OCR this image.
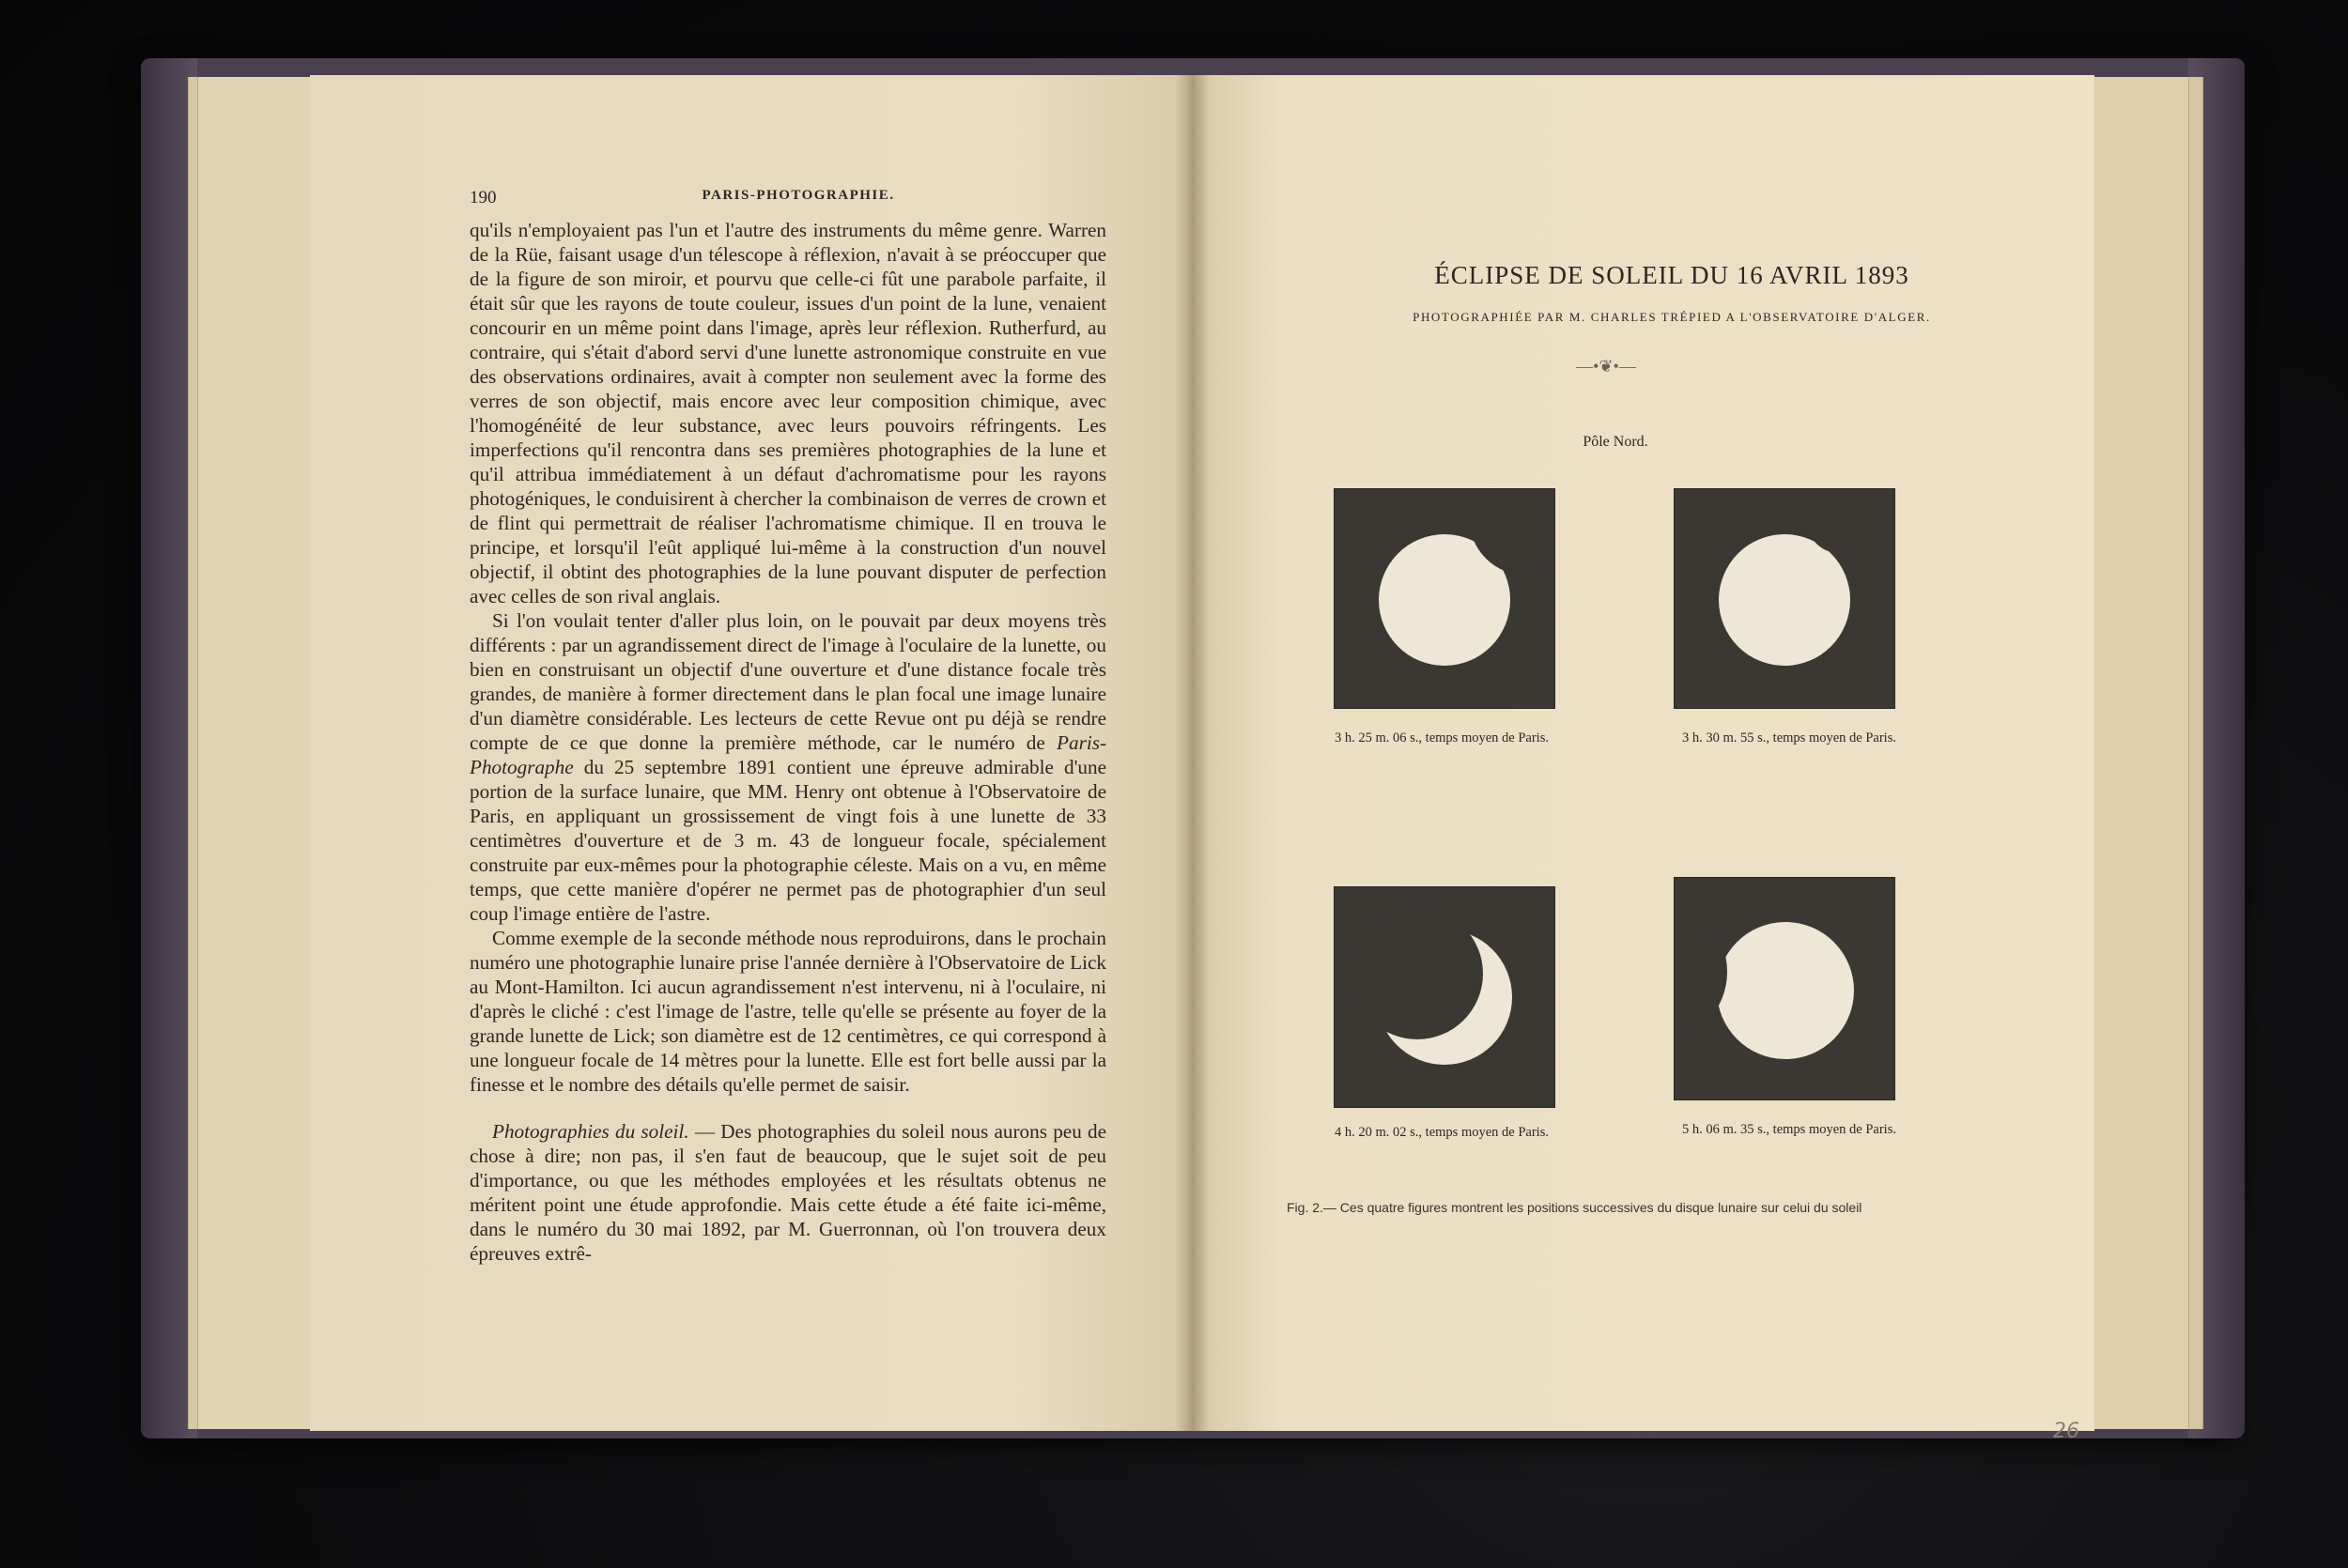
190	PARIS-PHOTOGRAPHIE.

qu'ils n'employaient pas l'un et l'autre des instruments du même genre. Warren de la Rüe, faisant usage d'un télescope à réflexion, n'avait à se préoccuper que de la figure de son miroir, et pourvu que celle-ci fût une parabole parfaite, il était sûr que les rayons de toute couleur, issues d'un point de la lune, venaient concourir en un même point dans l'image, après leur réflexion. Rutherfurd, au contraire, qui s'était d'abord servi d'une lunette astronomique construite en vue des observations ordinaires, avait à compter non seulement avec la forme des verres de son objectif, mais encore avec leur composition chimique, avec l'homogénéité de leur substance, avec leurs pouvoirs réfringents. Les imperfections qu'il rencontra dans ses premières photographies de la lune et qu'il attribua immédiatement à un défaut d'achromatisme pour les rayons photogéniques, le conduisirent à chercher la combinaison de verres de crown et de flint qui permettrait de réaliser l'achromatisme chimique. Il en trouva le principe, et lorsqu'il l'eût appliqué lui-même à la construction d'un nouvel objectif, il obtint des photographies de la lune pouvant disputer de perfection avec celles de son rival anglais.

Si l'on voulait tenter d'aller plus loin, on le pouvait par deux moyens très différents : par un agrandissement direct de l'image à l'oculaire de la lunette, ou bien en construisant un objectif d'une ouverture et d'une distance focale très grandes, de manière à former directement dans le plan focal une image lunaire d'un diamètre considérable. Les lecteurs de cette Revue ont pu déjà se rendre compte de ce que donne la première méthode, car le numéro de Paris-Photographe du 25 septembre 1891 contient une épreuve admirable d'une portion de la surface lunaire, que MM. Henry ont obtenue à l'Observatoire de Paris, en appliquant un grossissement de vingt fois à une lunette de 33 centimètres d'ouverture et de 3 m. 43 de longueur focale, spécialement construite par eux-mêmes pour la photographie céleste. Mais on a vu, en même temps, que cette manière d'opérer ne permet pas de photographier d'un seul coup l'image entière de l'astre.

Comme exemple de la seconde méthode nous reproduirons, dans le prochain numéro une photographie lunaire prise l'année dernière à l'Observatoire de Lick au Mont-Hamilton. Ici aucun agrandissement n'est intervenu, ni à l'oculaire, ni d'après le cliché : c'est l'image de l'astre, telle qu'elle se présente au foyer de la grande lunette de Lick; son diamètre est de 12 centimètres, ce qui correspond à une longueur focale de 14 mètres pour la lunette. Elle est fort belle aussi par la finesse et le nombre des détails qu'elle permet de saisir.

Photographies du soleil. — Des photographies du soleil nous aurons peu de chose à dire; non pas, il s'en faut de beaucoup, que le sujet soit de peu d'importance, ou que les méthodes employées et les résultats obtenus ne méritent point une étude approfondie. Mais cette étude a été faite ici-même, dans le numéro du 30 mai 1892, par M. Guerronnan, où l'on trouvera deux épreuves extrê-

ÉCLIPSE DE SOLEIL DU 16 AVRIL 1893
PHOTOGRAPHIÉE PAR M. CHARLES TRÉPIED A L'OBSERVATOIRE D'ALGER.
—•❦•—
Pôle Nord.
3 h. 25 m. 06 s., temps moyen de Paris.	3 h. 30 m. 55 s., temps moyen de Paris.
4 h. 20 m. 02 s., temps moyen de Paris.	5 h. 06 m. 35 s., temps moyen de Paris.
Fig. 2.— Ces quatre figures montrent les positions successives du disque lunaire sur celui du soleil
26
